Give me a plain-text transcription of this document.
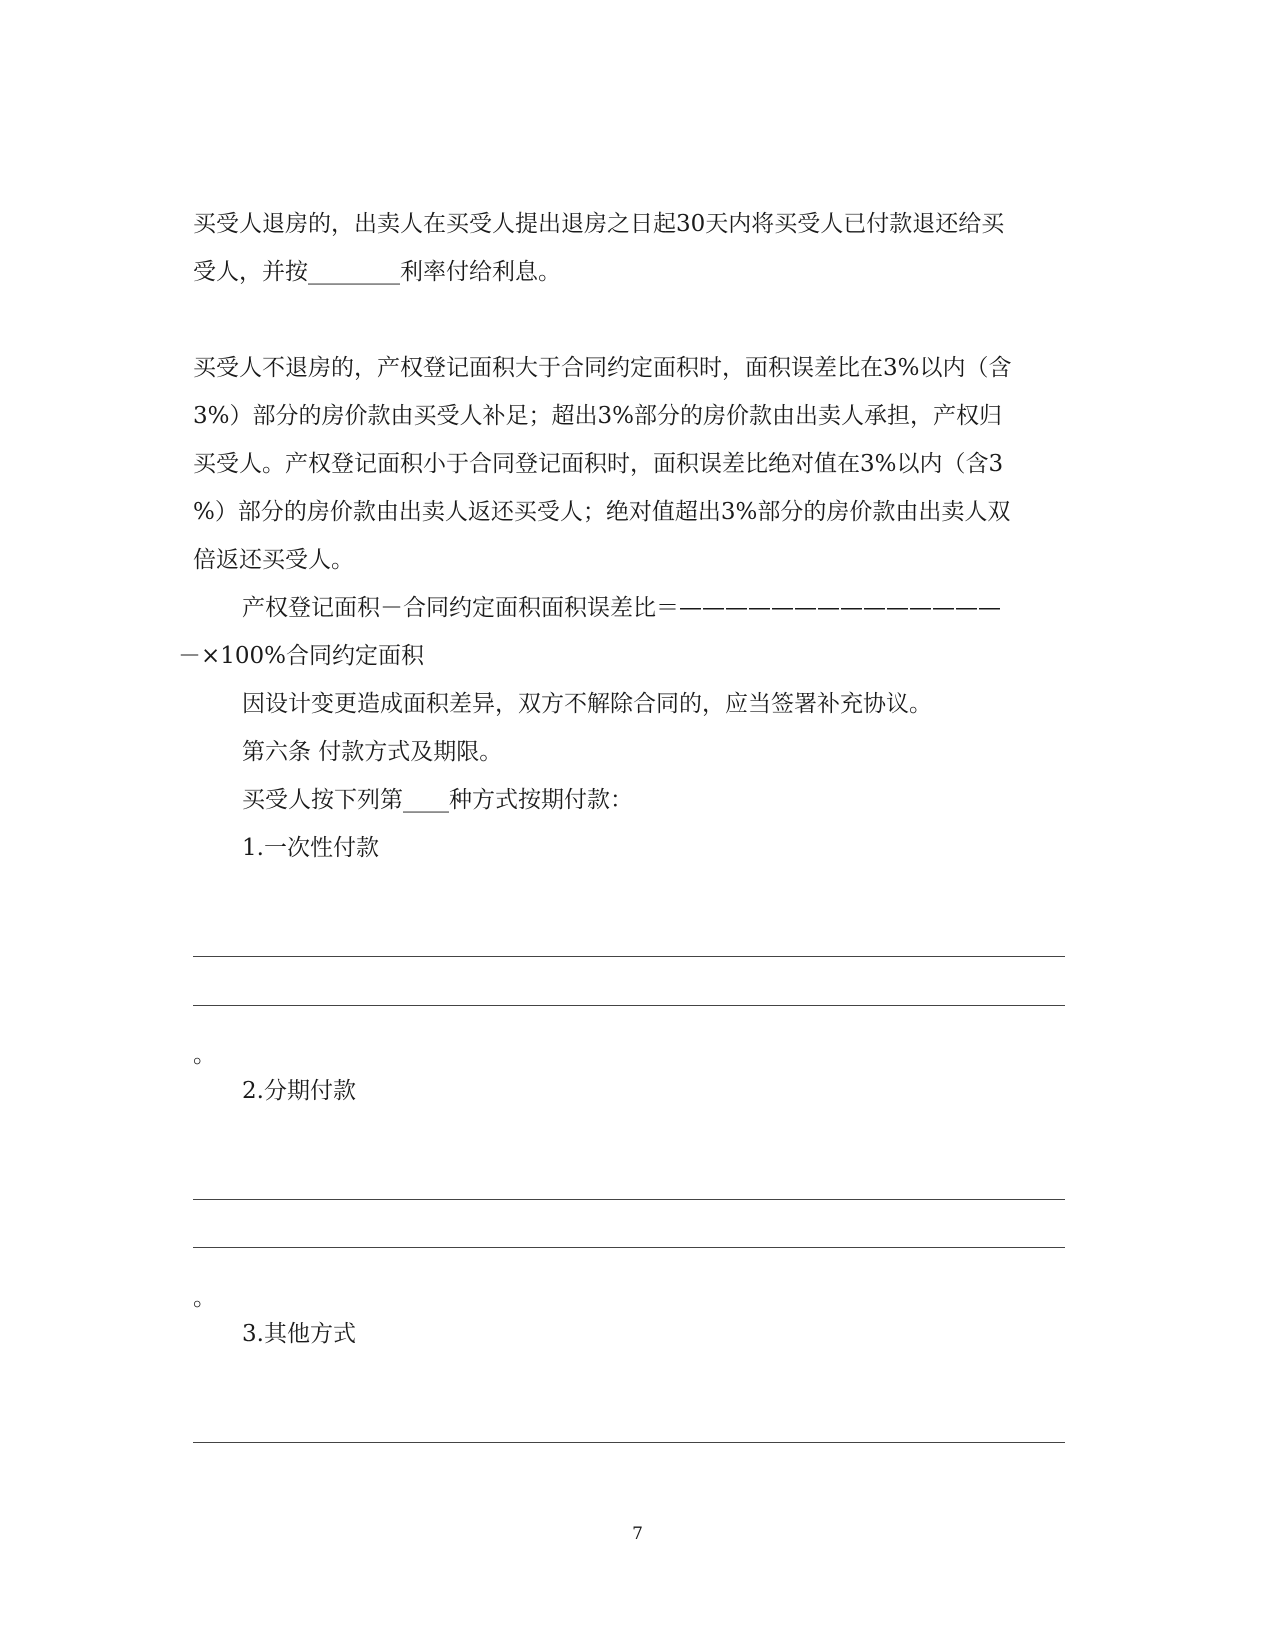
买受人退房的，出卖人在买受人提出退房之日起30天内将买受人已付款退还给买
受人，并按________利率付给利息。
买受人不退房的，产权登记面积大于合同约定面积时，面积误差比在3%以内（含
3%）部分的房价款由买受人补足；超出3%部分的房价款由出卖人承担，产权归
买受人。产权登记面积小于合同登记面积时，面积误差比绝对值在3%以内（含3
%）部分的房价款由出卖人返还买受人；绝对值超出3%部分的房价款由出卖人双
倍返还买受人。
产权登记面积－合同约定面积面积误差比＝——————————————
－×100%合同约定面积
因设计变更造成面积差异，双方不解除合同的，应当签署补充协议。
第六条 付款方式及期限。
买受人按下列第____种方式按期付款：
1.一次性付款
。
2.分期付款
。
3.其他方式
7
